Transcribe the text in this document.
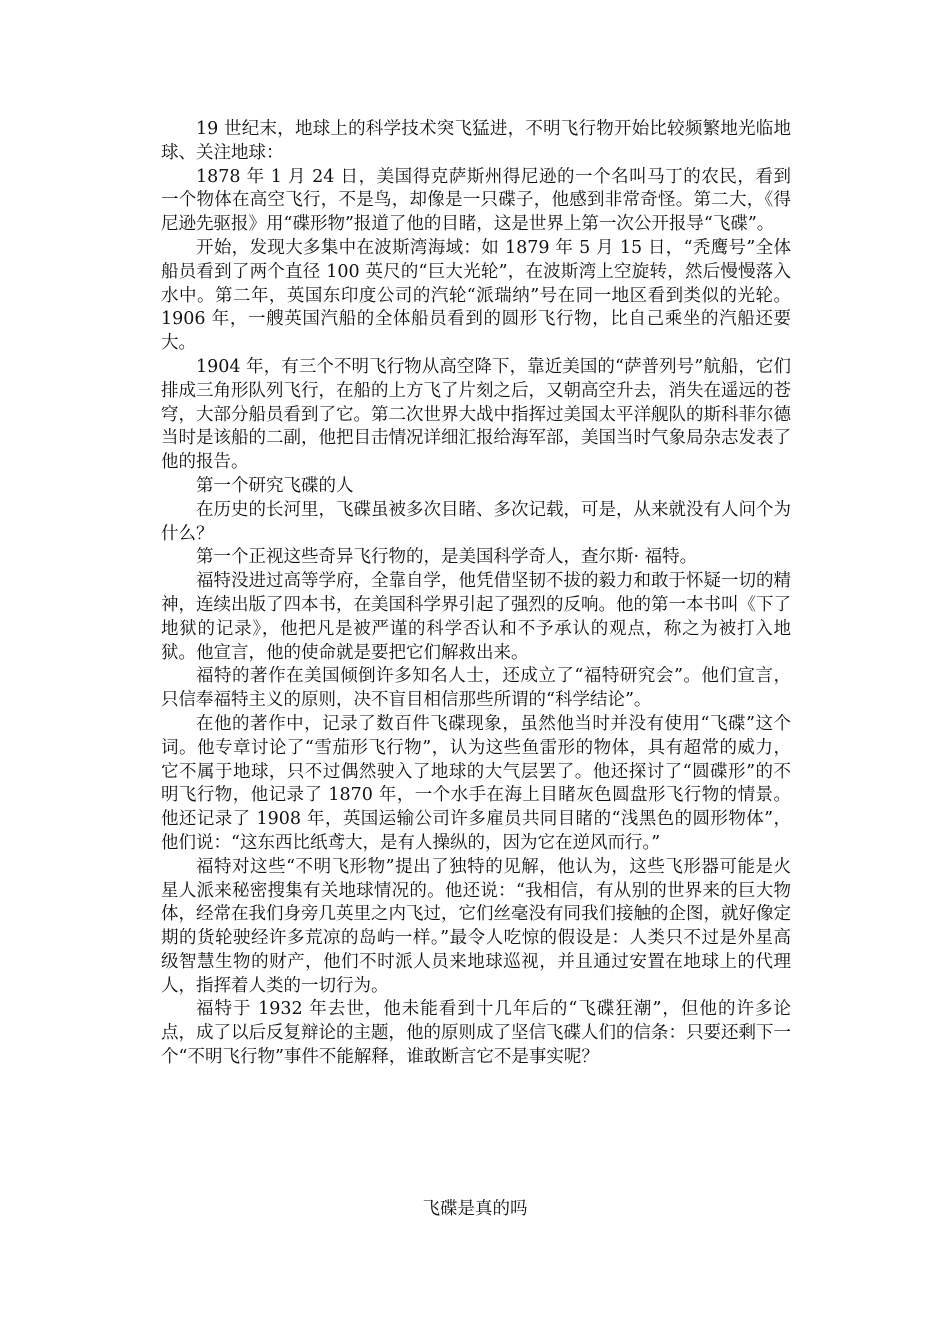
19 世纪末，地球上的科学技术突飞猛进，不明飞行物开始比较频繁地光临地球、关注地球：

1878 年 1 月 24 日，美国得克萨斯州得尼逊的一个名叫马丁的农民，看到一个物体在高空飞行，不是鸟，却像是一只碟子，他感到非常奇怪。第二大，《得尼逊先驱报》用“碟形物”报道了他的目睹，这是世界上第一次公开报导“飞碟”。

开始，发现大多集中在波斯湾海域：如 1879 年 5 月 15 日，“秃鹰号”全体船员看到了两个直径 100 英尺的“巨大光轮”，在波斯湾上空旋转，然后慢慢落入水中。第二年，英国东印度公司的汽轮“派瑞纳”号在同一地区看到类似的光轮。1906 年，一艘英国汽船的全体船员看到的圆形飞行物，比自己乘坐的汽船还要大。

1904 年，有三个不明飞行物从高空降下，靠近美国的“萨普列号”航船，它们排成三角形队列飞行，在船的上方飞了片刻之后，又朝高空升去，消失在遥远的苍穹，大部分船员看到了它。第二次世界大战中指挥过美国太平洋舰队的斯科菲尔德当时是该船的二副，他把目击情况详细汇报给海军部，美国当时气象局杂志发表了他的报告。

第一个研究飞碟的人

在历史的长河里，飞碟虽被多次目睹、多次记载，可是，从来就没有人问个为什么？

第一个正视这些奇异飞行物的，是美国科学奇人，查尔斯· 福特。

福特没进过高等学府，全靠自学，他凭借坚韧不拔的毅力和敢于怀疑一切的精神，连续出版了四本书，在美国科学界引起了强烈的反响。他的第一本书叫《下了地狱的记录》，他把凡是被严谨的科学否认和不予承认的观点，称之为被打入地狱。他宣言，他的使命就是要把它们解救出来。

福特的著作在美国倾倒许多知名人士，还成立了“福特研究会”。他们宣言，只信奉福特主义的原则，决不盲目相信那些所谓的“科学结论”。

在他的著作中，记录了数百件飞碟现象，虽然他当时并没有使用“飞碟”这个词。他专章讨论了“雪茄形飞行物”，认为这些鱼雷形的物体，具有超常的威力，它不属于地球，只不过偶然驶入了地球的大气层罢了。他还探讨了“圆碟形”的不明飞行物，他记录了 1870 年，一个水手在海上目睹灰色圆盘形飞行物的情景。他还记录了 1908 年，英国运输公司许多雇员共同目睹的“浅黑色的圆形物体”，他们说：“这东西比纸鸢大，是有人操纵的，因为它在逆风而行。”

福特对这些“不明飞形物”提出了独特的见解，他认为，这些飞形器可能是火星人派来秘密搜集有关地球情况的。他还说：“我相信，有从别的世界来的巨大物体，经常在我们身旁几英里之内飞过，它们丝毫没有同我们接触的企图，就好像定期的货轮驶经许多荒凉的岛屿一样。”最令人吃惊的假设是：人类只不过是外星高级智慧生物的财产，他们不时派人员来地球巡视，并且通过安置在地球上的代理人，指挥着人类的一切行为。

福特于 1932 年去世，他未能看到十几年后的“飞碟狂潮”，但他的许多论点，成了以后反复辩论的主题，他的原则成了坚信飞碟人们的信条：只要还剩下一个“不明飞行物”事件不能解释，谁敢断言它不是事实呢？

飞碟是真的吗
